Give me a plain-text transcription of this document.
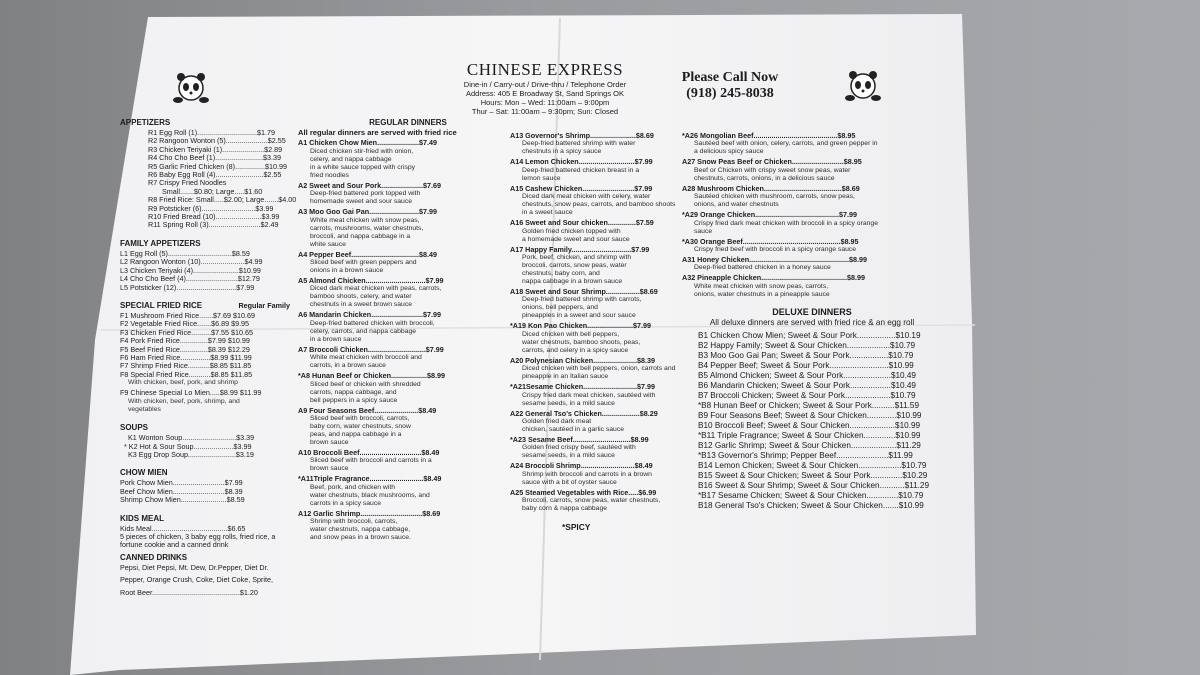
CHINESE EXPRESS
Dine-in / Carry-out / Drive-thru / Telephone Order
Address: 405 E Broadway St, Sand Springs OK
Hours: Mon – Wed: 11:00am – 9:00pm
Thur – Sat: 11:00am – 9:30pm; Sun: Closed
Please Call Now
(918) 245-8038
APPETIZERS
R1 Egg Roll (1)..............................$1.79
R2 Rangoon Wonton (5).....................$2.55
R3 Chicken Teriyaki (1).....................$2.89
R4 Cho Cho Beef (1)........................$3.39
R5 Garlic Fried Chicken (8)...............$10.99
R6 Baby Egg Roll (4)........................$2.55
R7 Crispy Fried Noodles
Small.......$0.80; Large.....$1.60
R8 Fried Rice: Small.....$2.00; Large.......$4.00
R9 Potsticker (6)...........................$3.99
R10 Fried Bread (10).......................$3.99
R11 Spring Roll (3)..........................$2.49
FAMILY APPETIZERS
L1 Egg Roll (5)................................$8.59
L2 Rangoon Wonton (10)......................$4.99
L3 Chicken Teriyaki (4).......................$10.99
L4 Cho Cho Beef (4)..........................$12.79
L5 Potsticker (12)..............................$7.99
SPECIAL FRIED RICE	Regular Family
F1 Mushroom Fried Rice.......$7.69 $10.69
F2 Vegetable Fried Rice.......$6.89 $9.95
F3 Chicken Fried Rice..........$7.55 $10.65
F4 Pork Fried Rice..............$7.99 $10.99
F5 Beef Fried Rice..............$8.39 $12.29
F6 Ham Fried Rice...............$8.99 $11.99
F7 Shrimp Fried Rice...........$8.85 $11.85
F8 Special Fried Rice...........$8.85 $11.85
With chicken, beef, pork, and shrimp
F9 Chinese Special Lo Mien.....$8.99 $11.99
With chicken, beef, pork, shrimp, and
vegetables
SOUPS
K1 Wonton Soup...........................$3.39
* K2 Hot & Sour Soup....................$3.99
K3 Egg Drop Soup........................$3.19
CHOW MIEN
Pork Chow Mien..........................$7.99
Beef Chow Mien..........................$8.39
Shrimp Chow Mien.......................$8.59
KIDS MEAL
Kids Meal......................................$6.65
5 pieces of chicken, 3 baby egg rolls, fried rice, a
fortune cookie and a canned drink
CANNED DRINKS
Pepsi, Diet Pepsi, Mt. Dew, Dr.Pepper, Diet Dr.
Pepper, Orange Crush, Coke, Diet Coke, Sprite,
Root Beer............................................$1.20
REGULAR DINNERS
All regular dinners are served with fried rice
A1 Chicken Chow Mien.....................$7.49
Diced chicken stir-fried with onion,
celery, and nappa cabbage
in a white sauce topped with crispy
fried noodles
A2 Sweet and Sour Pork.....................$7.69
Deep-fried battered pork topped with
homemade sweet and sour sauce
A3 Moo Goo Gai Pan.........................$7.99
White meat chicken with snow peas,
carrots, mushrooms, water chestnuts,
broccoli, and nappa cabbage in a
white sauce
A4 Pepper Beef..................................$8.49
Sliced beef with green peppers and
onions in a brown sauce
A5 Almond Chicken..............................$7.99
Diced dark meat chicken with peas, carrots,
bamboo shoots, celery, and water
chestnuts in a sweet brown sauce
A6 Mandarin Chicken..........................$7.99
Deep-fried battered chicken with broccoli,
celery, carrots, and nappa cabbage
in a brown sauce
A7 Broccoli Chicken.............................$7.99
White meat chicken with broccoli and
carrots, in a brown sauce
*A8 Hunan Beef or Chicken..................$8.99
Sliced beef or chicken with shredded
carrots, nappa cabbage, and
bell peppers in a spicy sauce
A9 Four Seasons Beef......................$8.49
Sliced beef with broccoli, carrots,
baby corn, water chestnuts, snow
peas, and nappa cabbage in a
brown sauce
A10 Broccoli Beef...............................$8.49
Sliced beef with broccoli and carrots in a
brown sauce
*A11Triple Fragrance...........................$8.49
Beef, pork, and chicken with
water chestnuts, black mushrooms, and
carrots in a spicy sauce
A12 Garlic Shrimp...............................$8.69
Shrimp with broccoli, carrots,
water chestnuts, nappa cabbage,
and snow peas in a brown sauce.
A13 Governor's Shrimp.......................$8.69
Deep-fried battered shrimp with water
chestnuts in a spicy sauce
A14 Lemon Chicken............................$7.99
Deep-fried battered chicken breast in a
lemon sauce
A15 Cashew Chicken..........................$7.99
Diced dark meat chicken with celery, water
chestnuts, snow peas, carrots, and bamboo shoots
in a sweet sauce
A16 Sweet and Sour chicken..............$7.59
Golden fried chicken topped with
a homemade sweet and sour sauce
A17 Happy Family..............................$7.99
Pork, beef, chicken, and shrimp with
broccoli, carrots, snow peas, water
chestnuts, baby corn, and
nappa cabbage in a brown sauce
A18 Sweet and Sour Shrimp.................$8.69
Deep-fried battered shrimp with carrots,
onions, bell peppers, and
pineapples in a sweet and sour sauce
*A19 Kon Pao Chicken.......................$7.99
Diced chicken with bell peppers,
water chestnuts, bamboo shoots, peas,
carrots, and celery in a spicy sauce
A20 Polynesian Chicken......................$8.39
Diced chicken with bell peppers, onion, carrots and
pineapple in an Italian sauce
*A21Sesame Chicken...........................$7.99
Crispy fried dark meat chicken, sautéed with
sesame seeds, in a mild sauce
A22 General Tso's Chicken...................$8.29
Golden fried dark meat
chicken, sautéed in a garlic sauce
*A23 Sesame Beef.............................$8.99
Golden fried crispy beef, sautéed with
sesame seeds, in a mild sauce
A24 Broccoli Shrimp...........................$8.49
Shrimp with broccoli and carrots in a brown
sauce with a bit of oyster sauce
A25 Steamed Vegetables with Rice.....$6.99
Broccoli, carrots, snow peas, water chestnuts,
baby corn & nappa cabbage
*SPICY
*A26 Mongolian Beef..........................................$8.95
Sautéed beef with onion, celery, carrots, and green pepper in
a delicious spicy sauce
A27 Snow Peas Beef or Chicken..........................$8.95
Beef or Chicken with crispy sweet snow peas, water
chestnuts, carrots, onions, in a delicious sauce
A28 Mushroom Chicken.......................................$8.69
Sautéed chicken with mushroom, carrots, snow peas,
onions, and water chestnuts
*A29 Orange Chicken..........................................$7.99
Crispy fried dark meat chicken with broccoli in a spicy orange
sauce
*A30 Orange Beef.................................................$8.95
Crispy fried beef with broccoli in a spicy orange sauce
A31 Honey Chicken..................................................$8.99
Deep-fried battered chicken in a honey sauce
A32 Pineapple Chicken...........................................$8.99
White meat chicken with snow peas, carrots,
onions, water chestnuts in a pineapple sauce
DELUXE DINNERS
All deluxe dinners are served with fried rice & an egg roll
B1 Chicken Chow Mien; Sweet & Sour Pork.................$10.19
B2 Happy Family; Sweet & Sour Chicken...................$10.79
B3 Moo Goo Gai Pan; Sweet & Sour Pork.................$10.79
B4 Pepper Beef; Sweet & Sour Pork..........................$10.99
B5 Almond Chicken; Sweet & Sour Pork.....................$10.49
B6 Mandarin Chicken; Sweet & Sour Pork..................$10.49
B7 Broccoli Chicken; Sweet & Sour Pork....................$10.79
*B8 Hunan Beef or Chicken; Sweet & Sour Pork..........$11.59
B9 Four Seasons Beef; Sweet & Sour Chicken.............$10.99
B10 Broccoli Beef; Sweet & Sour Chicken....................$10.99
*B11 Triple Fragrance; Sweet & Sour Chicken..............$10.99
B12 Garlic Shrimp; Sweet & Sour Chicken....................$11.29
*B13 Governor's Shrimp; Pepper Beef.......................$11.99
B14 Lemon Chicken; Sweet & Sour Chicken...................$10.79
B15 Sweet & Sour Chicken; Sweet & Sour Pork..............$10.29
B16 Sweet & Sour Shrimp; Sweet & Sour Chicken...........$11.29
*B17 Sesame Chicken; Sweet & Sour Chicken..............$10.79
B18 General Tso's Chicken; Sweet & Sour Chicken.......$10.99
